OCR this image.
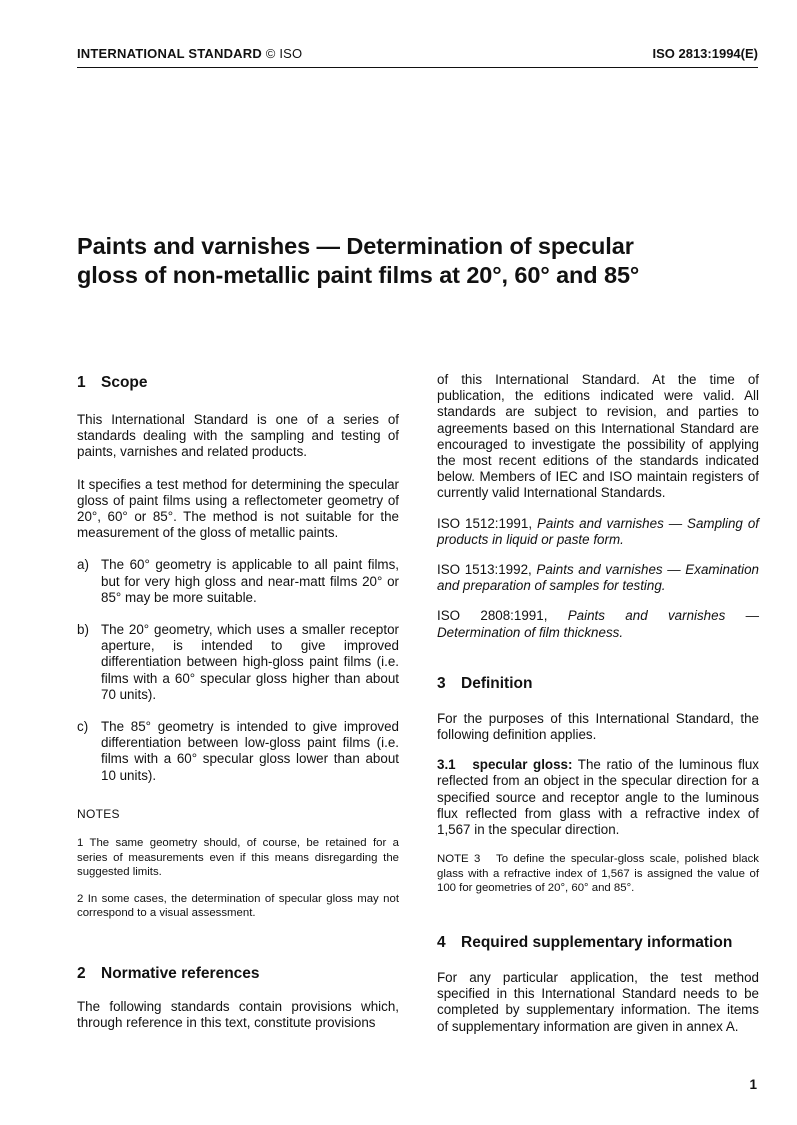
INTERNATIONAL STANDARD © ISO	ISO 2813:1994(E)
Paints and varnishes — Determination of specular
gloss of non-metallic paint films at 20°, 60° and 85°
1 Scope

This International Standard is one of a series of standards dealing with the sampling and testing of paints, varnishes and related products.

It specifies a test method for determining the specular gloss of paint films using a reflectometer geometry of 20°, 60° or 85°. The method is not suitable for the measurement of the gloss of metallic paints.

a) The 60° geometry is applicable to all paint films, but for very high gloss and near-matt films 20° or 85° may be more suitable.
b) The 20° geometry, which uses a smaller receptor aperture, is intended to give improved differentiation between high-gloss paint films (i.e. films with a 60° specular gloss higher than about 70 units).
c) The 85° geometry is intended to give improved differentiation between low-gloss paint films (i.e. films with a 60° specular gloss lower than about 10 units).

NOTES

1 The same geometry should, of course, be retained for a series of measurements even if this means disregarding the suggested limits.

2 In some cases, the determination of specular gloss may not correspond to a visual assessment.

2 Normative references

The following standards contain provisions which, through reference in this text, constitute provisions

of this International Standard. At the time of publication, the editions indicated were valid. All standards are subject to revision, and parties to agreements based on this International Standard are encouraged to investigate the possibility of applying the most recent editions of the standards indicated below. Members of IEC and ISO maintain registers of currently valid International Standards.

ISO 1512:1991, Paints and varnishes — Sampling of products in liquid or paste form.

ISO 1513:1992, Paints and varnishes — Examination and preparation of samples for testing.

ISO 2808:1991, Paints and varnishes — Determination of film thickness.

3 Definition

For the purposes of this International Standard, the following definition applies.

3.1 specular gloss: The ratio of the luminous flux reflected from an object in the specular direction for a specified source and receptor angle to the luminous flux reflected from glass with a refractive index of 1,567 in the specular direction.

NOTE 3 To define the specular-gloss scale, polished black glass with a refractive index of 1,567 is assigned the value of 100 for geometries of 20°, 60° and 85°.

4 Required supplementary information

For any particular application, the test method specified in this International Standard needs to be completed by supplementary information. The items of supplementary information are given in annex A.

1
